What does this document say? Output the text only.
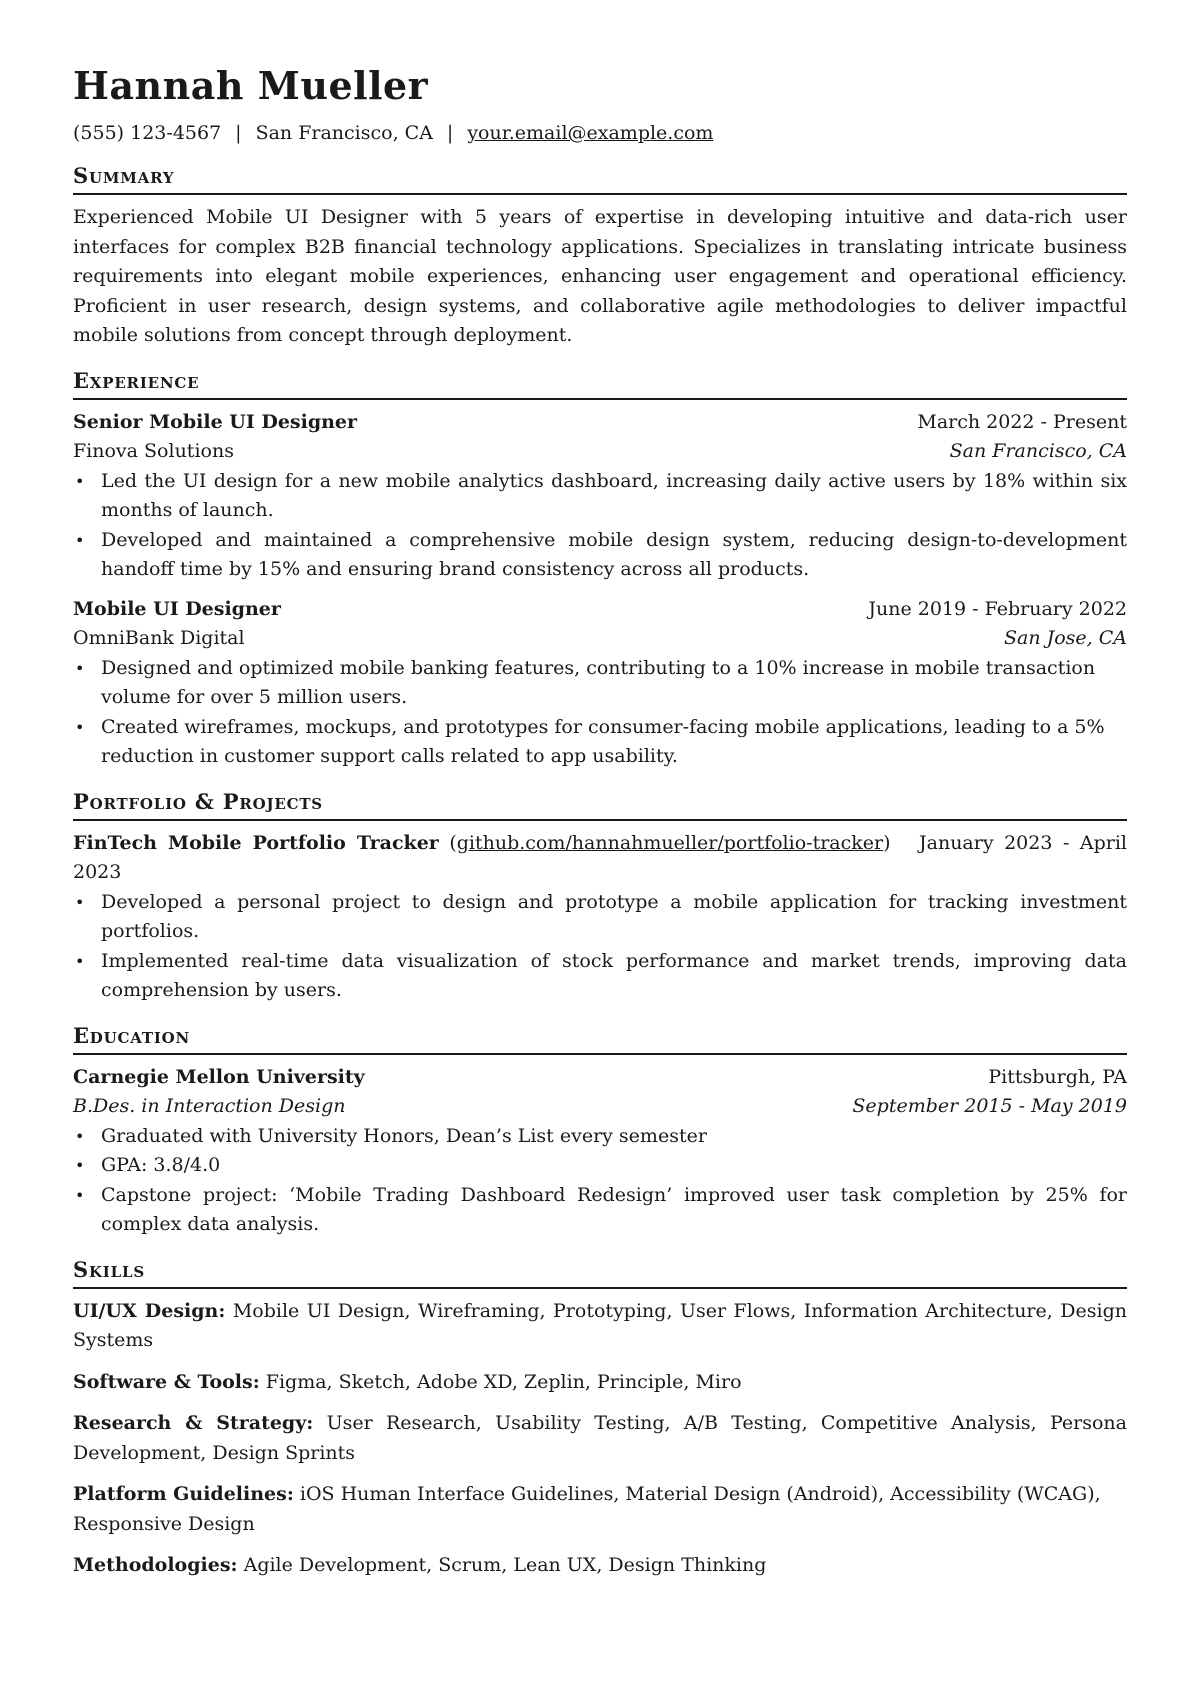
Hannah Mueller
(555) 123-4567 | San Francisco, CA | your.email@example.com
Summary

Experienced Mobile UI Designer with 5 years of expertise in developing intuitive and data-rich user interfaces for complex B2B financial technology applications. Specializes in translating intricate business requirements into elegant mobile experiences, enhancing user engagement and operational efficiency. Proficient in user research, design systems, and collaborative agile methodologies to deliver impactful mobile solutions from concept through deployment.

Experience
Senior Mobile UI Designer	March 2022 - Present
Finova Solutions	San Francisco, CA
• Led the UI design for a new mobile analytics dashboard, increasing daily active users by 18% within six months of launch.
• Developed and maintained a comprehensive mobile design system, reducing design-to-development handoff time by 15% and ensuring brand consistency across all products.
Mobile UI Designer	June 2019 - February 2022
OmniBank Digital	San Jose, CA
• Designed and optimized mobile banking features, contributing to a 10% increase in mobile transaction volume for over 5 million users.
• Created wireframes, mockups, and prototypes for consumer-facing mobile applications, leading to a 5% reduction in customer support calls related to app usability.
Portfolio & Projects
FinTech Mobile Portfolio Tracker (github.com/hannahmueller/portfolio-tracker) January 2023 - April 2023
• Developed a personal project to design and prototype a mobile application for tracking investment portfolios.
• Implemented real-time data visualization of stock performance and market trends, improving data comprehension by users.
Education
Carnegie Mellon University	Pittsburgh, PA
B.Des. in Interaction Design	September 2015 - May 2019
• Graduated with University Honors, Dean’s List every semester
• GPA: 3.8/4.0
• Capstone project: ‘Mobile Trading Dashboard Redesign’ improved user task completion by 25% for complex data analysis.
Skills
UI/UX Design: Mobile UI Design, Wireframing, Prototyping, User Flows, Information Architecture, Design Systems
Software & Tools: Figma, Sketch, Adobe XD, Zeplin, Principle, Miro
Research & Strategy: User Research, Usability Testing, A/B Testing, Competitive Analysis, Persona Development, Design Sprints
Platform Guidelines: iOS Human Interface Guidelines, Material Design (Android), Accessibility (WCAG), Responsive Design
Methodologies: Agile Development, Scrum, Lean UX, Design Thinking
